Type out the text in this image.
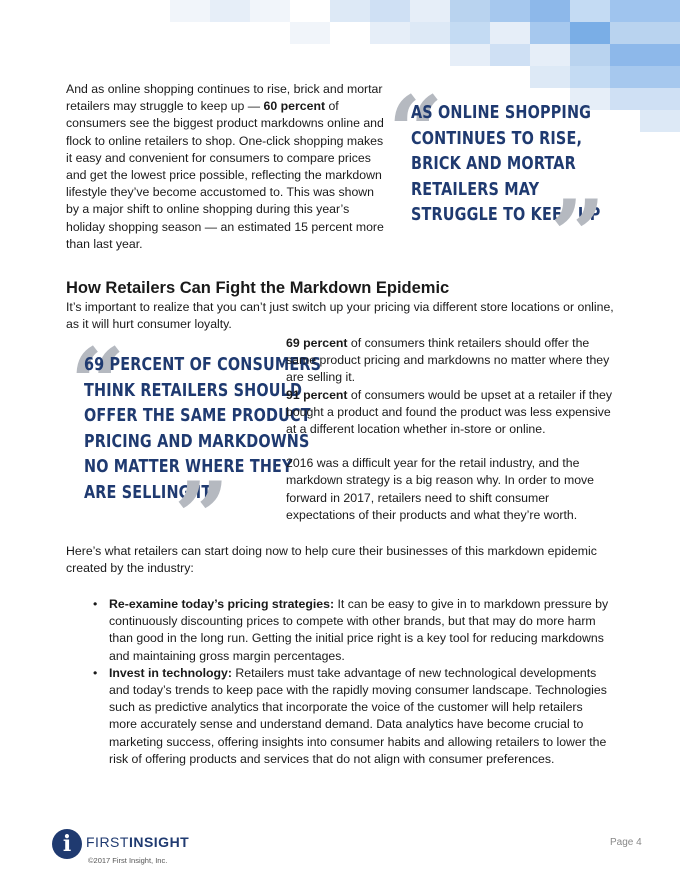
And as online shopping continues to rise, brick and mortar retailers may struggle to keep up — 60 percent of consumers see the biggest product markdowns online and flock to online retailers to shop. One-click shopping makes it easy and convenient for consumers to compare prices and get the lowest price possible, reflecting the markdown lifestyle they’ve become accustomed to. This was shown by a major shift to online shopping during this year’s holiday shopping season — an estimated 15 percent more than last year.

“
AS ONLINE SHOPPING
CONTINUES TO RISE,
BRICK AND MORTAR
RETAILERS MAY
STRUGGLE TO KEEP UP
”
How Retailers Can Fight the Markdown Epidemic

It’s important to realize that you can’t just switch up your pricing via different store locations or online, as it will hurt consumer loyalty.

“
69 PERCENT OF CONSUMERS
THINK RETAILERS SHOULD
OFFER THE SAME PRODUCT
PRICING AND MARKDOWNS
NO MATTER WHERE THEY
ARE SELLING IT
”

69 percent of consumers think retailers should offer the same product pricing and markdowns no matter where they are selling it.

91 percent of consumers would be upset at a retailer if they bought a product and found the product was less expensive at a different location whether in-store or online.

2016 was a difficult year for the retail industry, and the markdown strategy is a big reason why. In order to move forward in 2017, retailers need to shift consumer expectations of their products and what they’re worth.

Here’s what retailers can start doing now to help cure their businesses of this markdown epidemic created by the industry:

• Re-examine today’s pricing strategies: It can be easy to give in to markdown pressure by continuously discounting prices to compete with other brands, but that may do more harm than good in the long run. Getting the initial price right is a key tool for reducing markdowns and maintaining gross margin percentages.
• Invest in technology: Retailers must take advantage of new technological developments and today’s trends to keep pace with the rapidly moving consumer landscape. Technologies such as predictive analytics that incorporate the voice of the customer will help retailers more accurately sense and understand demand. Data analytics have become crucial to marketing success, offering insights into consumer habits and allowing retailers to lower the risk of offering products and services that do not align with consumer preferences.
i	FIRSTINSIGHT
©2017 First Insight, Inc.
Page 4
